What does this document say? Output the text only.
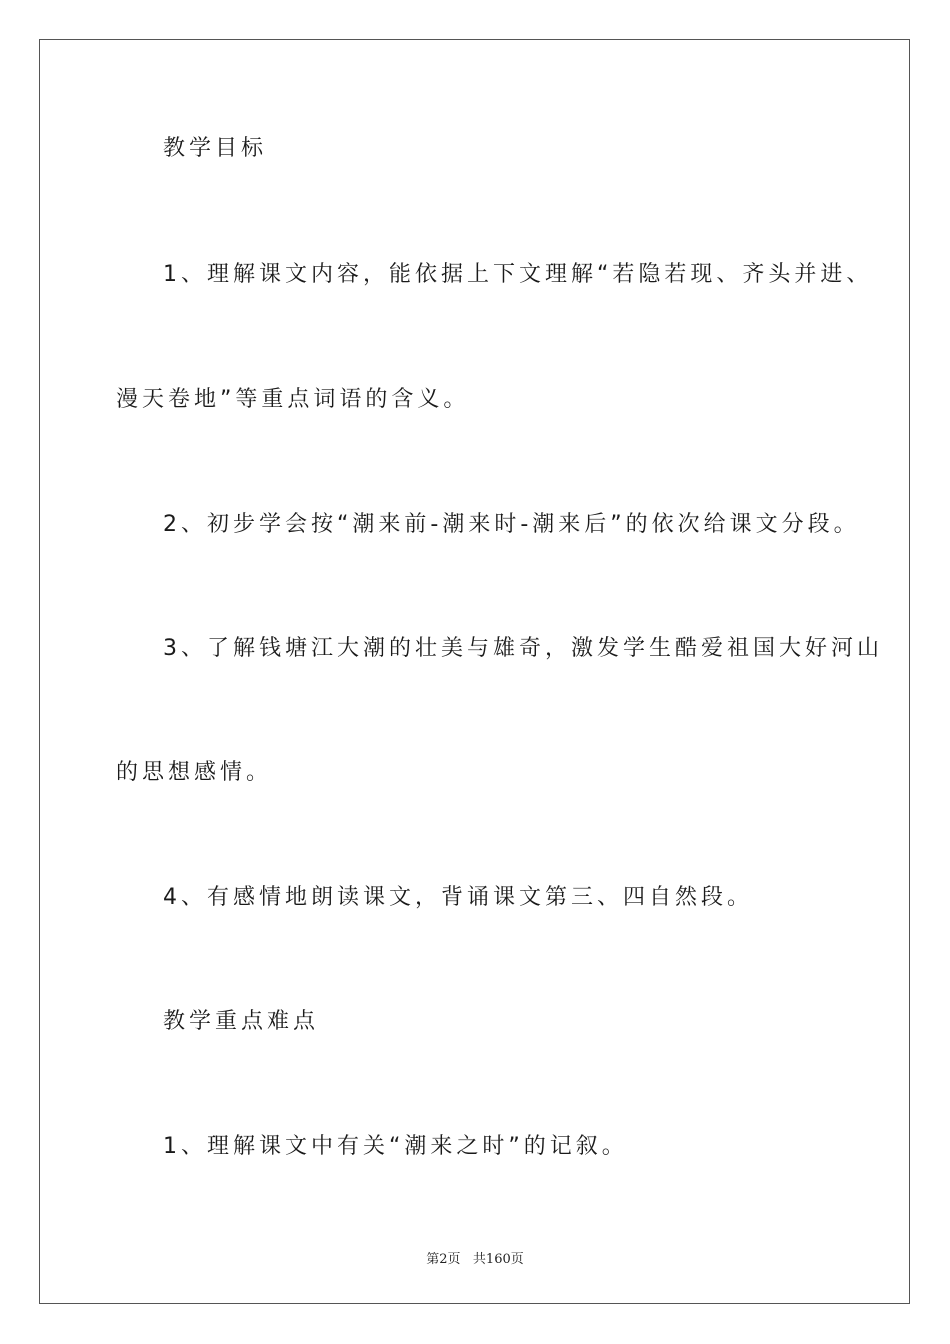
教学目标
1、理解课文内容，能依据上下文理解“若隐若现、齐头并进、
漫天卷地”等重点词语的含义。
2、初步学会按“潮来前-潮来时-潮来后”的依次给课文分段。
3、了解钱塘江大潮的壮美与雄奇，激发学生酷爱祖国大好河山
的思想感情。
4、有感情地朗读课文，背诵课文第三、四自然段。
教学重点难点
1、理解课文中有关“潮来之时”的记叙。
第2页 共160页
